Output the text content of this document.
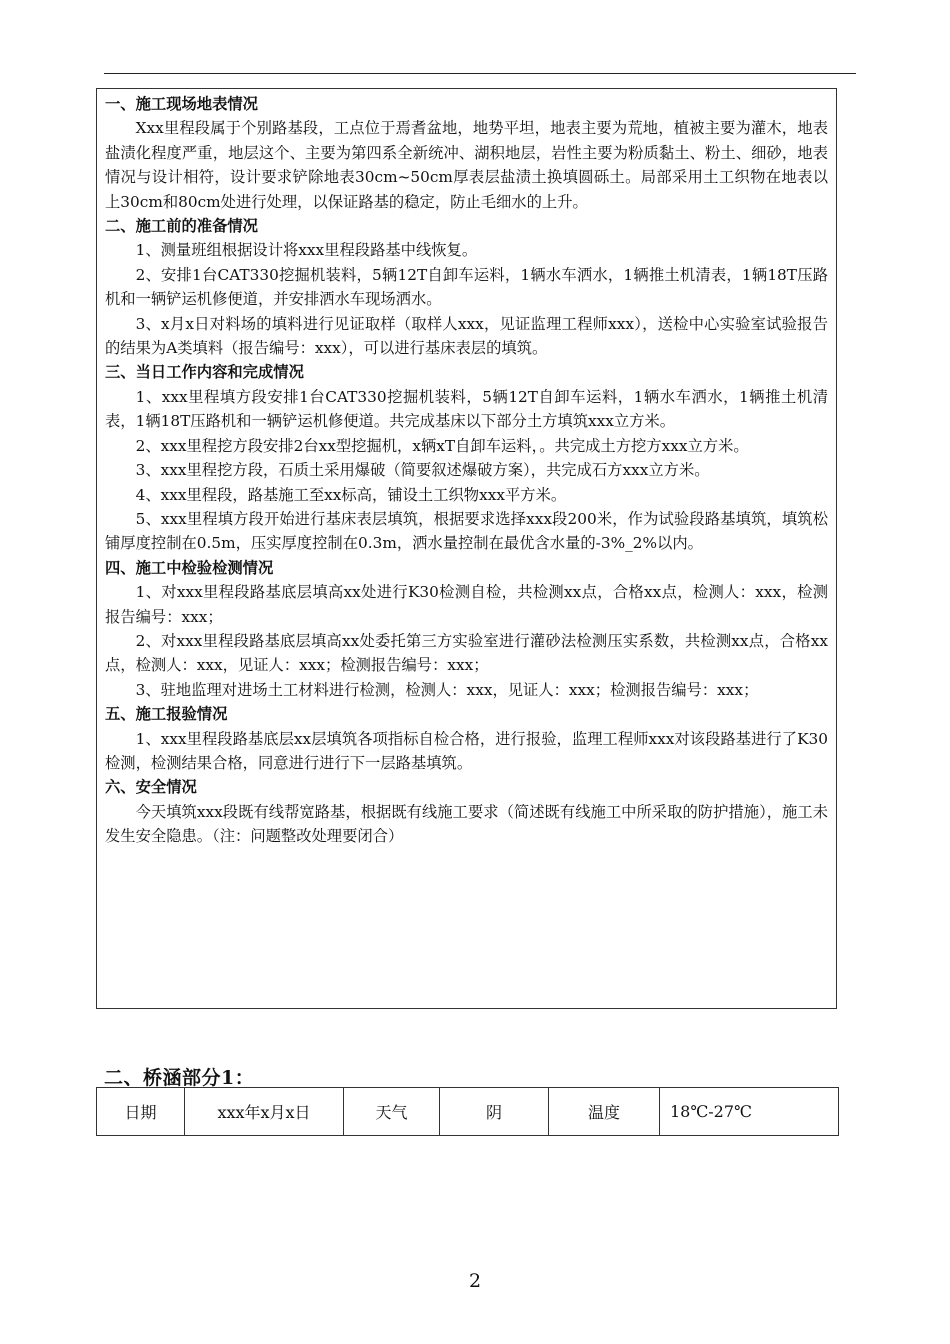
一、施工现场地表情况

Xxx里程段属于个别路基段，工点位于焉耆盆地，地势平坦，地表主要为荒地，植被主要为灌木，地表盐渍化程度严重，地层这个、主要为第四系全新统冲、湖积地层，岩性主要为粉质黏土、粉土、细砂，地表情况与设计相符，设计要求铲除地表30cm~50cm厚表层盐渍土换填圆砾土。局部采用土工织物在地表以上30cm和80cm处进行处理，以保证路基的稳定，防止毛细水的上升。

二、施工前的准备情况

1、测量班组根据设计将xxx里程段路基中线恢复。

2、安排1台CAT330挖掘机装料，5辆12T自卸车运料，1辆水车洒水，1辆推土机清表，1辆18T压路机和一辆铲运机修便道，并安排洒水车现场洒水。

3、x月x日对料场的填料进行见证取样（取样人xxx，见证监理工程师xxx），送检中心实验室试验报告的结果为A类填料（报告编号：xxx），可以进行基床表层的填筑。

三、当日工作内容和完成情况

1、xxx里程填方段安排1台CAT330挖掘机装料，5辆12T自卸车运料，1辆水车洒水，1辆推土机清表，1辆18T压路机和一辆铲运机修便道。共完成基床以下部分土方填筑xxx立方米。

2、xxx里程挖方段安排2台xx型挖掘机，x辆xT自卸车运料，。共完成土方挖方xxx立方米。

3、xxx里程挖方段，石质土采用爆破（简要叙述爆破方案），共完成石方xxx立方米。

4、xxx里程段，路基施工至xx标高，铺设土工织物xxx平方米。

5、xxx里程填方段开始进行基床表层填筑，根据要求选择xxx段200米，作为试验段路基填筑，填筑松铺厚度控制在0.5m，压实厚度控制在0.3m，洒水量控制在最优含水量的-3%_2%以内。

四、施工中检验检测情况

1、对xxx里程段路基底层填高xx处进行K30检测自检，共检测xx点，合格xx点，检测人：xxx，检测报告编号：xxx；

2、对xxx里程段路基底层填高xx处委托第三方实验室进行灌砂法检测压实系数，共检测xx点，合格xx点，检测人：xxx，见证人：xxx；检测报告编号：xxx；

3、驻地监理对进场土工材料进行检测，检测人：xxx，见证人：xxx；检测报告编号：xxx；

五、施工报验情况

1、xxx里程段路基底层xx层填筑各项指标自检合格，进行报验，监理工程师xxx对该段路基进行了K30检测，检测结果合格，同意进行进行下一层路基填筑。

六、安全情况

今天填筑xxx段既有线帮宽路基，根据既有线施工要求（简述既有线施工中所采取的防护措施），施工未发生安全隐患。（注：问题整改处理要闭合）

二、桥涵部分1：
日期	xxx年x月x日	天气	阴	温度	18℃-27℃
2
